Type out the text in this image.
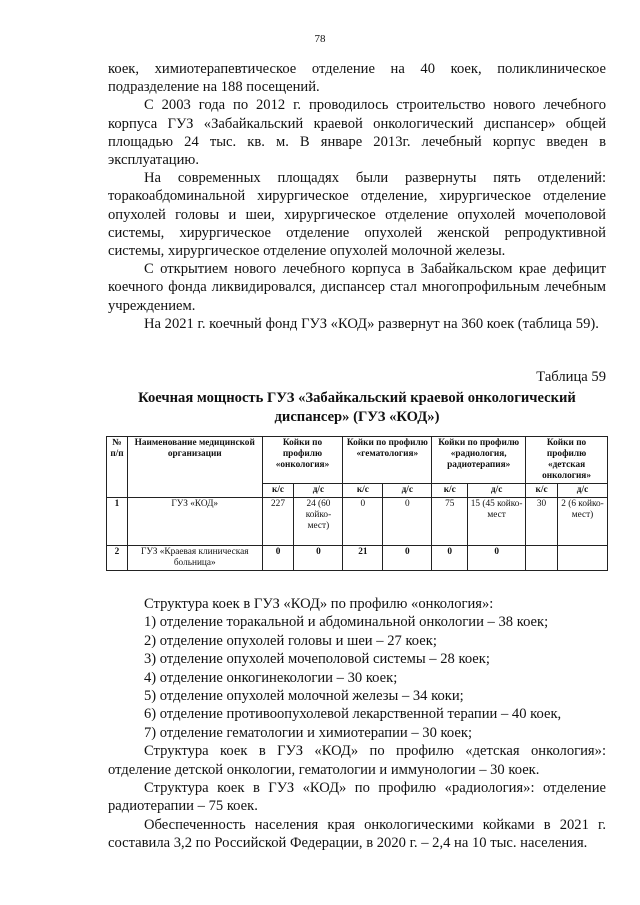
78

коек, химиотерапевтическое отделение на 40 коек, поликлиническое подразделение на 188 посещений.

С 2003 года по 2012 г. проводилось строительство нового лечебного корпуса ГУЗ «Забайкальский краевой онкологический диспансер» общей площадью 24 тыс. кв. м. В январе 2013г. лечебный корпус введен в эксплуатацию.

На современных площадях были развернуты пять отделений: торакоабдоминальной хирургическое отделение, хирургическое отделение опухолей головы и шеи, хирургическое отделение опухолей мочеполовой системы, хирургическое отделение опухолей женской репродуктивной системы, хирургическое отделение опухолей молочной железы.

С открытием нового лечебного корпуса в Забайкальском крае дефицит коечного фонда ликвидировался, диспансер стал многопрофильным лечебным учреждением.

На 2021 г. коечный фонд ГУЗ «КОД» развернут на 360 коек (таблица 59).

Таблица 59
Коечная мощность ГУЗ «Забайкальский краевой онкологический диспансер» (ГУЗ «КОД»)
№ п/п	Наименование медицинской организации	Койки по профилю «онкология»		Койки по профилю «гематология»		Койки по профилю «радиология, радиотерапия»		Койки по профилю «детская онкология»	
		к/с	д/с	к/с	д/с	к/с	д/с	к/с	д/с
1	ГУЗ «КОД»	227	24 (60 койко-мест)	0	0	75	15 (45 койко-мест	30	2 (6 койко-мест)
2	ГУЗ «Краевая клиническая больница»	0	0	21	0	0	0		

Структура коек в ГУЗ «КОД» по профилю «онкология»:

1) отделение торакальной и абдоминальной онкологии – 38 коек;

2) отделение опухолей головы и шеи – 27 коек;

3) отделение опухолей мочеполовой системы – 28 коек;

4) отделение онкогинекологии – 30 коек;

5) отделение опухолей молочной железы – 34 коки;

6) отделение противоопухолевой лекарственной терапии – 40 коек,

7) отделение гематологии и химиотерапии – 30 коек;

Структура коек в ГУЗ «КОД» по профилю «детская онкология»: отделение детской онкологии, гематологии и иммунологии – 30 коек.

Структура коек в ГУЗ «КОД» по профилю «радиология»: отделение радиотерапии – 75 коек.

Обеспеченность населения края онкологическими койками в 2021 г. составила 3,2 по Российской Федерации, в 2020 г. – 2,4 на 10 тыс. населения.
